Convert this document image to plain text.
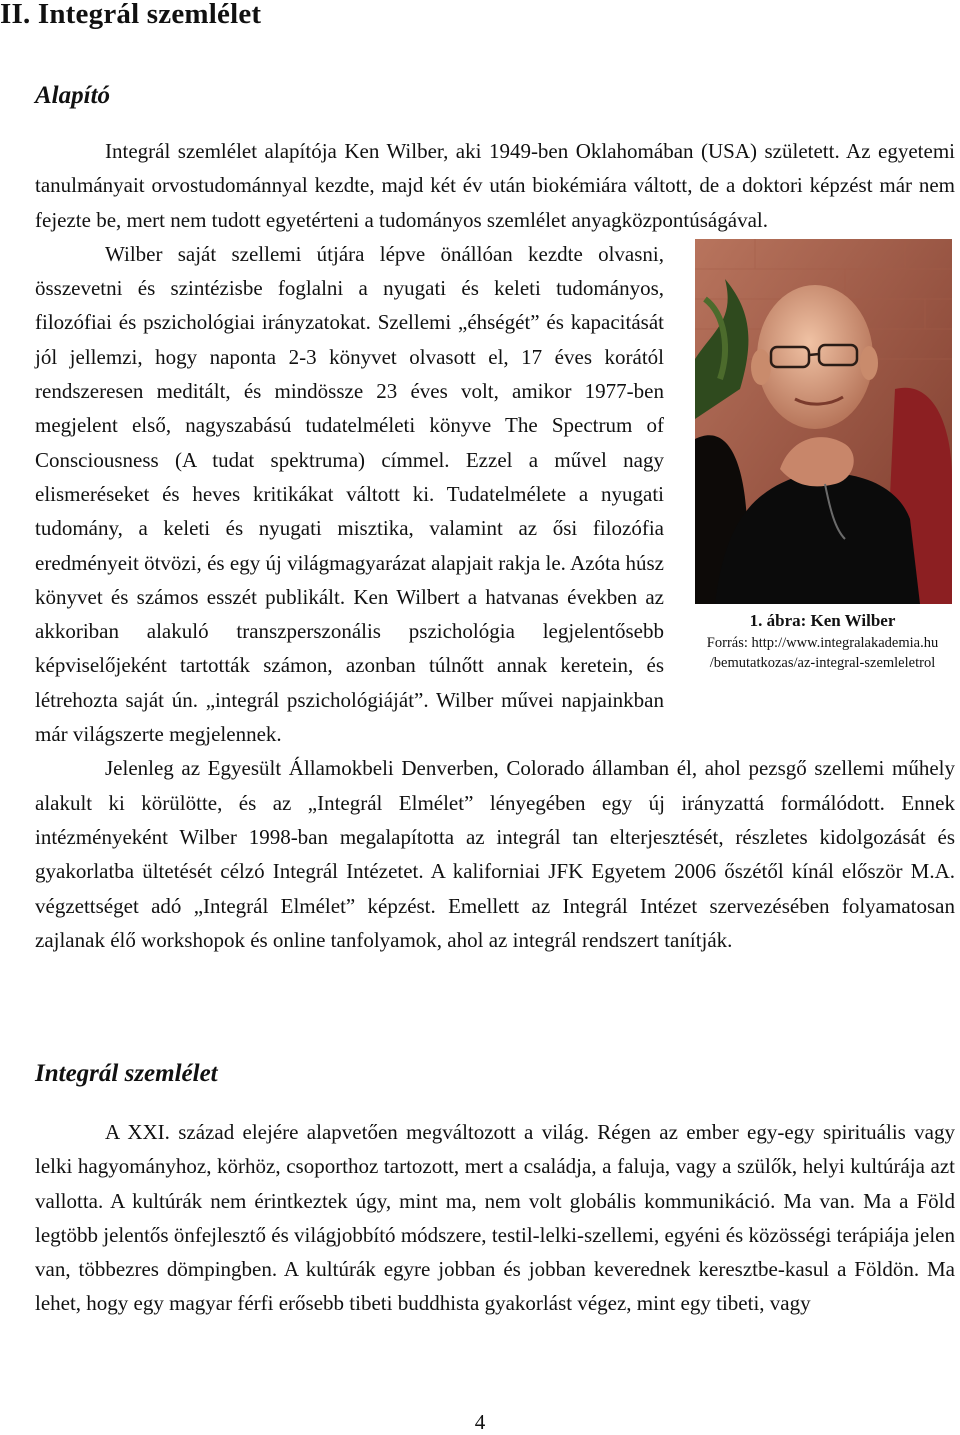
II. Integrál szemlélet
Alapító

Integrál szemlélet alapítója Ken Wilber, aki 1949-ben Oklahomában (USA) született. Az egyetemi tanulmányait orvostudománnyal kezdte, majd két év után biokémiára váltott, de a doktori képzést már nem fejezte be, mert nem tudott egyetérteni a tudományos szemlélet anyagközpontúságával.

1. ábra: Ken Wilber
Forrás: http://www.integralakademia.hu
/bemutatkozas/az-integral-szemleletrol
Wilber saját szellemi útjára lépve önállóan kezdte olvasni, összevetni és szintézisbe foglalni a nyugati és keleti tudományos, filozófiai és pszichológiai irányzatokat. Szellemi „éhségét” és kapacitását jól jellemzi, hogy naponta 2-3 könyvet olvasott el, 17 éves korától rendszeresen meditált, és mindössze 23 éves volt, amikor 1977-ben megjelent első, nagyszabású tudatelméleti könyve The Spectrum of Consciousness (A tudat spektruma) címmel. Ezzel a művel nagy elismeréseket és heves kritikákat váltott ki. Tudatelmélete a nyugati tudomány, a keleti és nyugati misztika, valamint az ősi filozófia eredményeit ötvözi, és egy új világmagyarázat alapjait rakja le. Azóta húsz könyvet és számos esszét publikált. Ken Wilbert a hatvanas években az akkoriban alakuló transzperszonális pszichológia legjelentősebb képviselőjeként tartották számon, azonban túlnőtt annak keretein, és létrehozta saját ún. „integrál pszichológiáját”. Wilber művei napjainkban már világszerte megjelennek.

Jelenleg az Egyesült Államokbeli Denverben, Colorado államban él, ahol pezsgő szellemi műhely alakult ki körülötte, és az „Integrál Elmélet” lényegében egy új irányzattá formálódott. Ennek intézményeként Wilber 1998-ban megalapította az integrál tan elterjesztését, részletes kidolgozását és gyakorlatba ültetését célzó Integrál Intézetet. A kaliforniai JFK Egyetem 2006 őszétől kínál először M.A. végzettséget adó „Integrál Elmélet” képzést. Emellett az Integrál Intézet szervezésében folyamatosan zajlanak élő workshopok és online tanfolyamok, ahol az integrál rendszert tanítják.

Integrál szemlélet

A XXI. század elejére alapvetően megváltozott a világ. Régen az ember egy-egy spirituális vagy lelki hagyományhoz, körhöz, csoporthoz tartozott, mert a családja, a faluja, vagy a szülők, helyi kultúrája azt vallotta. A kultúrák nem érintkeztek úgy, mint ma, nem volt globális kommunikáció. Ma van. Ma a Föld legtöbb jelentős önfejlesztő és világjobbító módszere, testil-lelki-szellemi, egyéni és közösségi terápiája jelen van, többezres dömpingben. A kultúrák egyre jobban és jobban keverednek keresztbe-kasul a Földön. Ma lehet, hogy egy magyar férfi erősebb tibeti buddhista gyakorlást végez, mint egy tibeti, vagy

4
